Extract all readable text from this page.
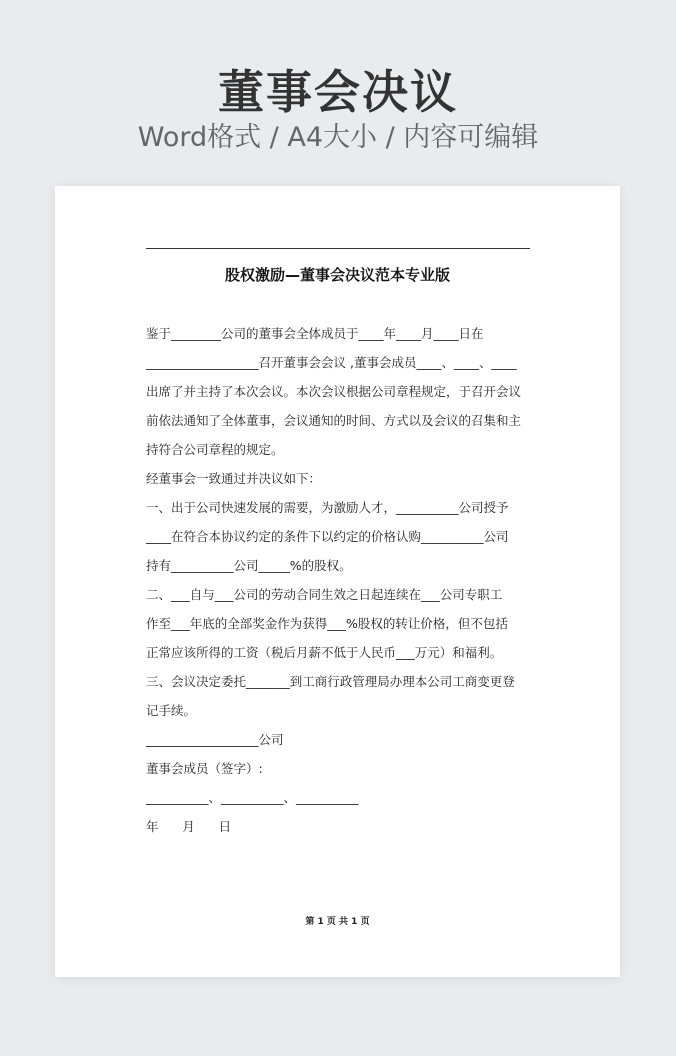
董事会决议
Word格式 / A4大小 / 内容可编辑
股权激励—董事会决议范本专业版
鉴于________公司的董事会全体成员于____年____月____日在
__________________召开董事会会议 ,董事会成员____、____、____
出席了并主持了本次会议。本次会议根据公司章程规定，于召开会议
前依法通知了全体董事，会议通知的时间、方式以及会议的召集和主
持符合公司章程的规定。
经董事会一致通过并决议如下：
一、出于公司快速发展的需要，为激励人才，__________公司授予
____在符合本协议约定的条件下以约定的价格认购__________公司
持有__________公司_____%的股权。
二、___自与___公司的劳动合同生效之日起连续在___公司专职工
作至___年底的全部奖金作为获得___%股权的转让价格，但不包括
正常应该所得的工资（税后月薪不低于人民币___万元）和福利。
三、会议决定委托_______到工商行政管理局办理本公司工商变更登
记手续。
__________________公司
董事会成员（签字）:
__________、__________、__________
年      月      日
第 1 页 共 1 页
